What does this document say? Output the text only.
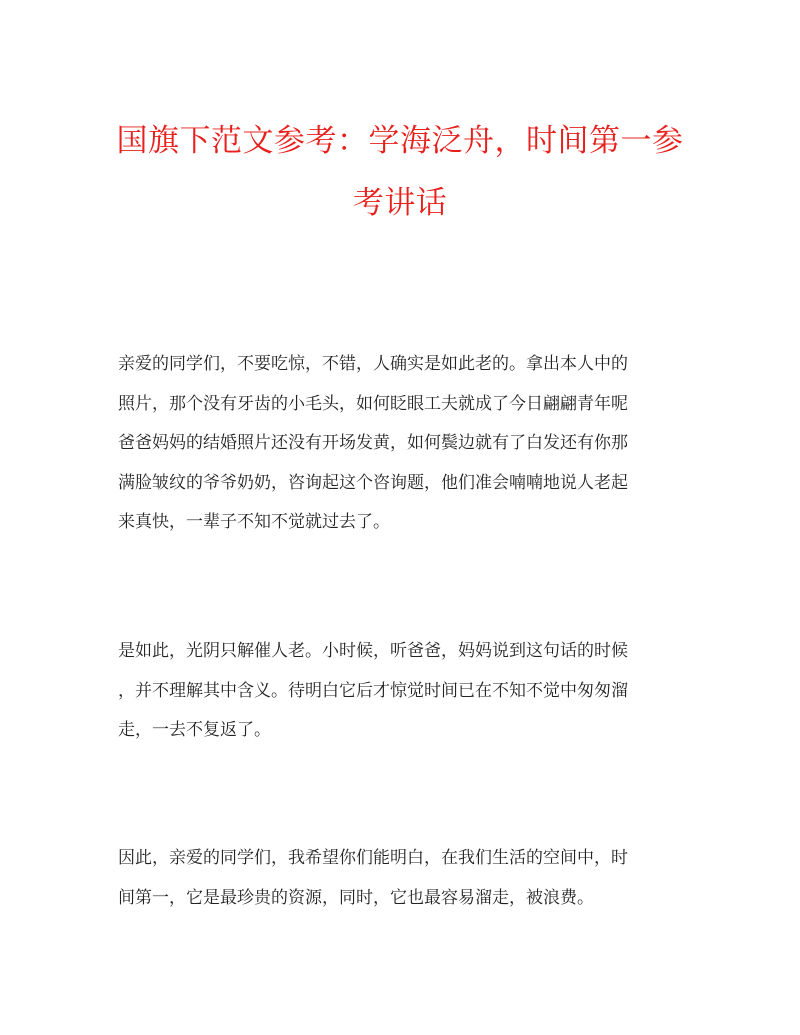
国旗下范文参考：学海泛舟，时间第一参
考讲话
亲爱的同学们，不要吃惊，不错，人确实是如此老的。拿出本人中的
照片，那个没有牙齿的小毛头，如何眨眼工夫就成了今日翩翩青年呢
爸爸妈妈的结婚照片还没有开场发黄，如何鬓边就有了白发还有你那
满脸皱纹的爷爷奶奶，咨询起这个咨询题，他们准会喃喃地说人老起
来真快，一辈子不知不觉就过去了。
是如此，光阴只解催人老。小时候，听爸爸，妈妈说到这句话的时候
，并不理解其中含义。待明白它后才惊觉时间已在不知不觉中匆匆溜
走，一去不复返了。
因此，亲爱的同学们，我希望你们能明白，在我们生活的空间中，时
间第一，它是最珍贵的资源，同时，它也最容易溜走，被浪费。
